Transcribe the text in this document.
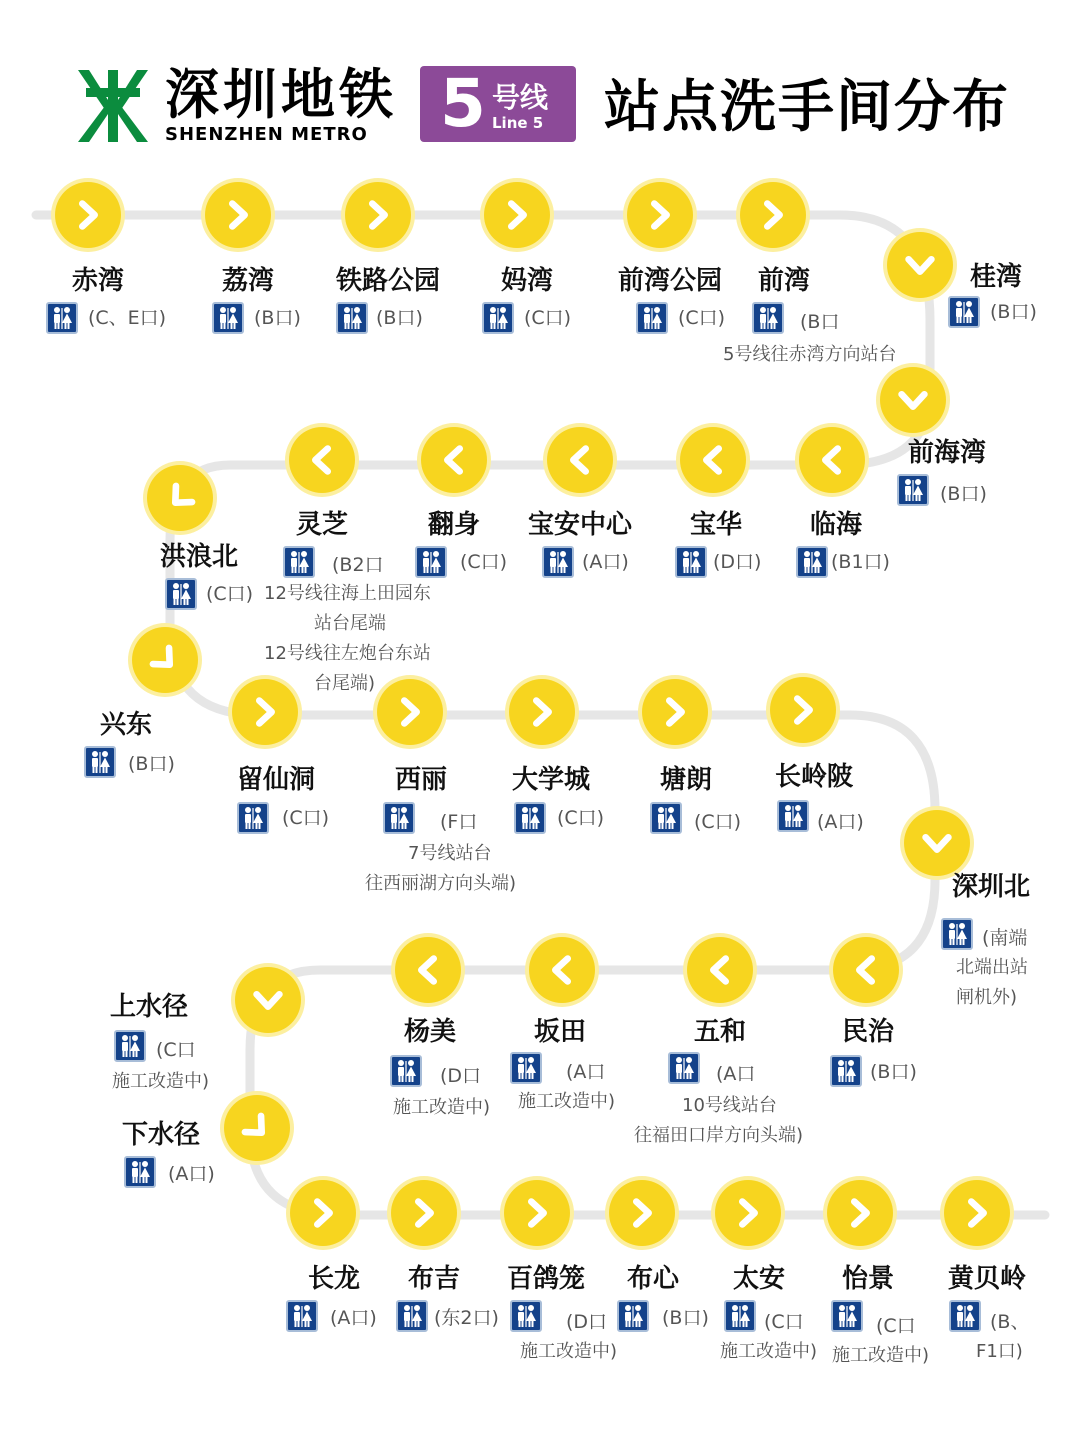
深圳地铁
SHENZHEN METRO 5 号线
Line 5 站点洗手间分布
赤湾
(C、E口)
荔湾
(B口)
铁路公园
(B口)
妈湾
(C口)
前湾公园
(C口)
前湾
(B口
5号线往赤湾方向站台
桂湾
(B口)
前海湾
(B口)
临海
(B1口)
宝华
(D口)
宝安中心
(A口)
翻身
(C口)
灵芝
(B2口
洪浪北
(C口) 12号线往海上田园东
站台尾端
12号线往左炮台东站
台尾端)
兴东
(B口)
留仙洞
(C口)
西丽
(F口
7号线站台
往西丽湖方向头端)
大学城
(C口)
塘朗
(C口)
长岭陂
(A口)
深圳北
(南端
北端出站
闸机外)
民治
(B口)
五和
(A口
10号线站台
往福田口岸方向头端)
坂田
(A口
施工改造中)
杨美
(D口
施工改造中)
上水径
(C口
施工改造中)
下水径
(A口)
长龙
(A口)
布吉
(东2口)
百鸽笼
(D口
施工改造中)
布心
(B口)
太安
(C口
施工改造中)
怡景
(C口
施工改造中)
黄贝岭
(B、
F1口)
